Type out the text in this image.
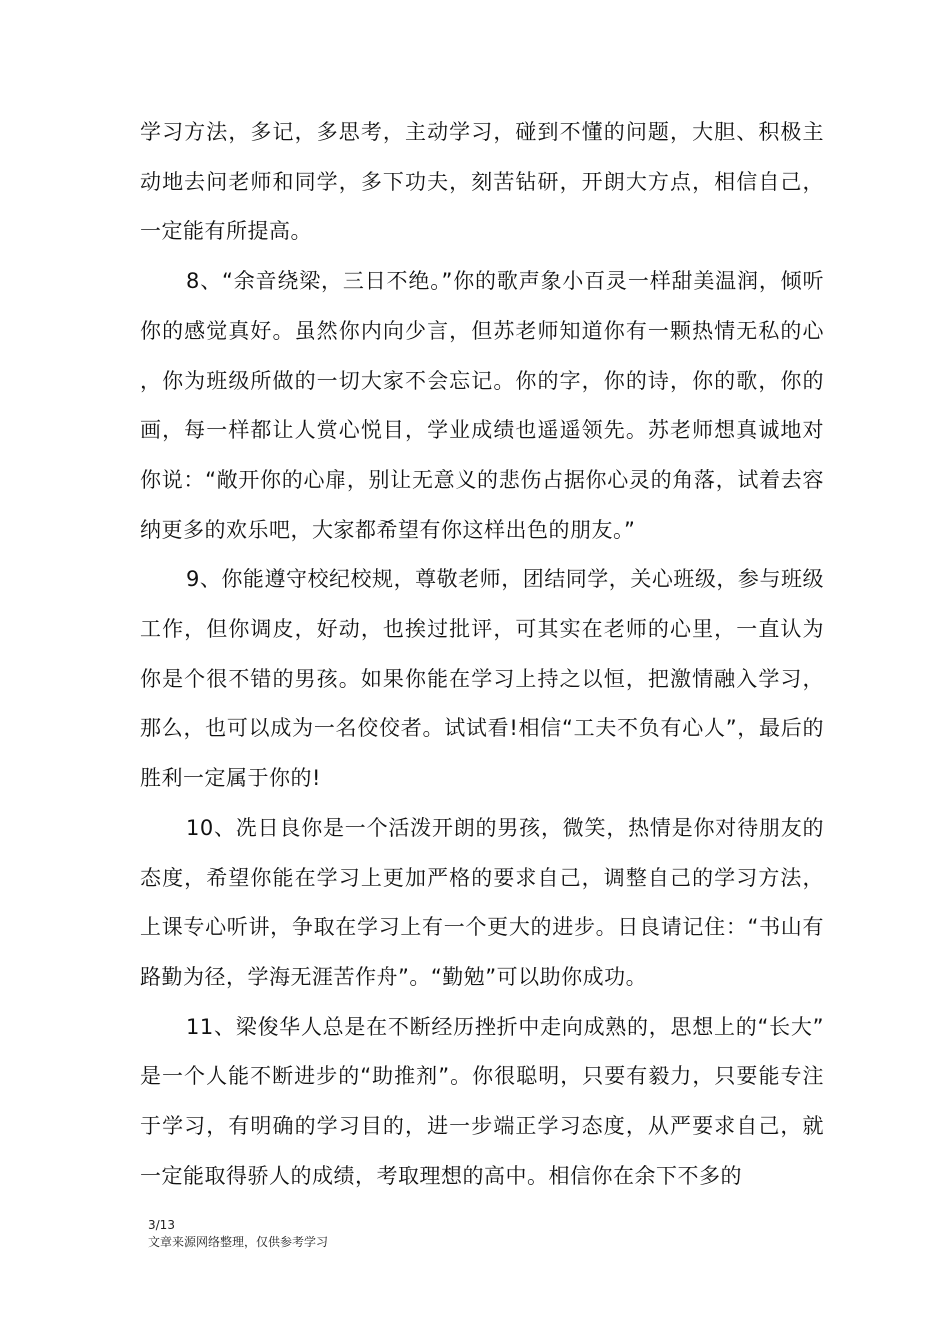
学习方法，多记，多思考，主动学习，碰到不懂的问题，大胆、积极主动地去问老师和同学，多下功夫，刻苦钻研，开朗大方点，相信自己，一定能有所提高。

8、“余音绕梁，三日不绝。”你的歌声象小百灵一样甜美温润，倾听你的感觉真好。虽然你内向少言，但苏老师知道你有一颗热情无私的心，你为班级所做的一切大家不会忘记。你的字，你的诗，你的歌，你的画，每一样都让人赏心悦目，学业成绩也遥遥领先。苏老师想真诚地对你说：“敞开你的心扉，别让无意义的悲伤占据你心灵的角落，试着去容纳更多的欢乐吧，大家都希望有你这样出色的朋友。”

9、你能遵守校纪校规，尊敬老师，团结同学，关心班级，参与班级工作，但你调皮，好动，也挨过批评，可其实在老师的心里，一直认为你是个很不错的男孩。如果你能在学习上持之以恒，把激情融入学习，那么，也可以成为一名佼佼者。试试看!相信“工夫不负有心人”，最后的胜利一定属于你的!

10、冼日良你是一个活泼开朗的男孩，微笑，热情是你对待朋友的态度，希望你能在学习上更加严格的要求自己，调整自己的学习方法，上课专心听讲，争取在学习上有一个更大的进步。日良请记住：“书山有路勤为径，学海无涯苦作舟”。“勤勉”可以助你成功。

11、梁俊华人总是在不断经历挫折中走向成熟的，思想上的“长大”是一个人能不断进步的“助推剂”。你很聪明，只要有毅力，只要能专注于学习，有明确的学习目的，进一步端正学习态度，从严要求自己，就一定能取得骄人的成绩，考取理想的高中。相信你在余下不多的

3/13
文章来源网络整理，仅供参考学习
